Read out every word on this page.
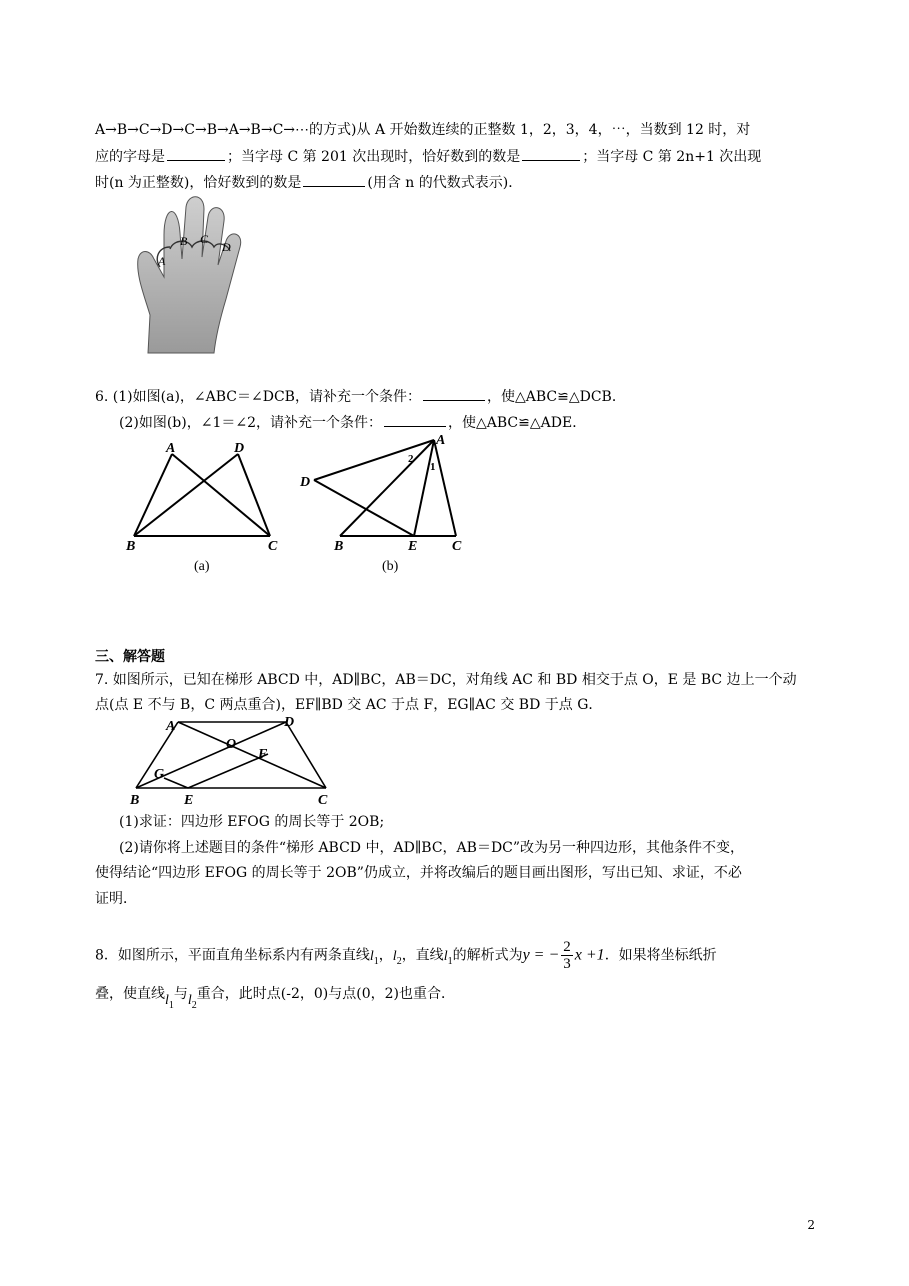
A→B→C→D→C→B→A→B→C→⋯的方式)从 A 开始数连续的正整数 1，2，3，4，⋯，当数到 12 时，对
应的字母是	；当字母 C 第 201 次出现时，恰好数到的数是	；当字母 C 第 2n+1 次出现
时(n 为正整数)，恰好数到的数是	(用含 n 的代数式表示)．
A
B C
D
6. (1)如图(a)，∠ABC＝∠DCB，请补充一个条件：	，使△ABC≌△DCB．
(2)如图(b)，∠1＝∠2，请补充一个条件：	，使△ABC≌△ADE．
A	D
B	C
(a)
A
D
B	E C
1
2
(b)
三、解答题
7. 如图所示，已知在梯形 ABCD 中，AD∥BC，AB＝DC，对角线 AC 和 BD 相交于点 O，E 是 BC 边上一个动
点(点 E 不与 B，C 两点重合)，EF∥BD 交 AC 于点 F，EG∥AC 交 BD 于点 G．
A	D
O
F
G
B	E	C
(1)求证：四边形 EFOG 的周长等于 2OB;
(2)请你将上述题目的条件“梯形 ABCD 中，AD∥BC，AB＝DC”改为另一种四边形，其他条件不变，
使得结论“四边形 EFOG 的周长等于 2OB”仍成立，并将改编后的题目画出图形，写出已知、求证，不必
证明．
8．如图所示，平面直角坐标系内有两条直线$l_1$，$l_2$，直线$l_1$的解析式为y = − $\frac{2}{3}$ x +1．如果将坐标纸折
叠，使直线$l_1$与$l_2$重合，此时点(-2，0)与点(0，2)也重合．
2
